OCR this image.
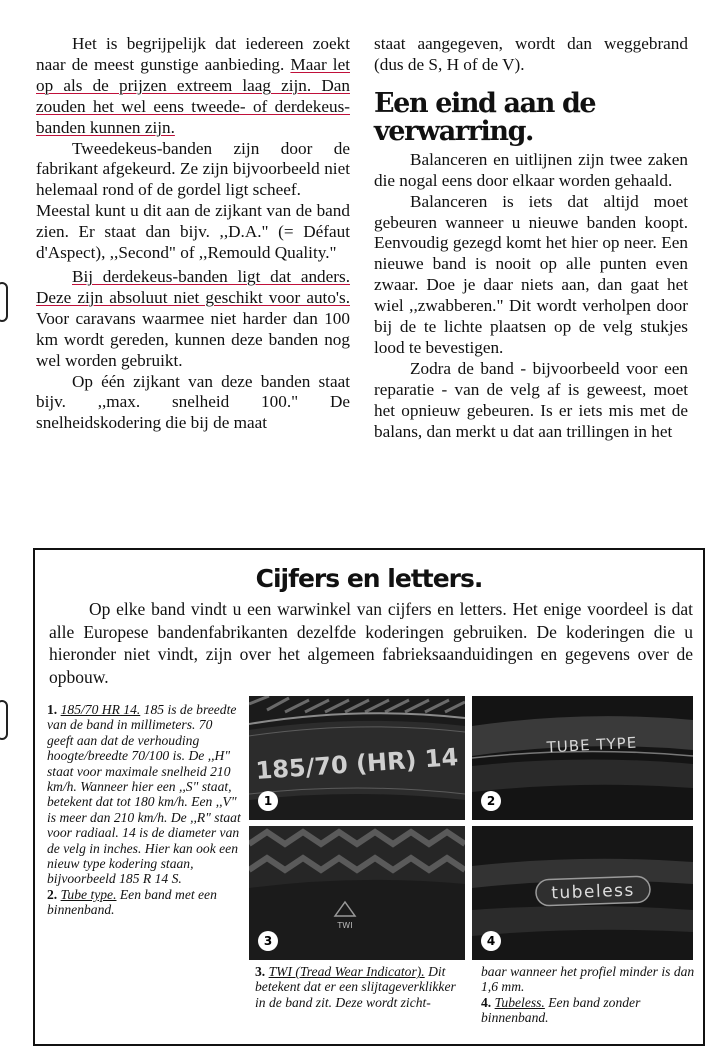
Het is begrijpelijk dat iedereen zoekt naar de meest gunstige aanbieding. Maar let op als de prijzen extreem laag zijn. Dan zouden het wel eens tweede- of derdekeus-banden kunnen zijn.

Tweedekeus-banden zijn door de fabrikant afgekeurd. Ze zijn bijvoorbeeld niet helemaal rond of de gordel ligt scheef.

Meestal kunt u dit aan de zijkant van de band zien. Er staat dan bijv. ,,D.A." (= Défaut d'Aspect), ,,Second" of ,,Remould Quality."

Bij derdekeus-banden ligt dat anders. Deze zijn absoluut niet geschikt voor auto's. Voor caravans waarmee niet harder dan 100 km wordt gereden, kunnen deze banden nog wel worden gebruikt.

Op één zijkant van deze banden staat bijv. ,,max. snelheid 100." De snelheidskodering die bij de maat

staat aangegeven, wordt dan weggebrand (dus de S, H of de V).

Een eind aan de verwarring.

Balanceren en uitlijnen zijn twee zaken die nogal eens door elkaar worden gehaald.

Balanceren is iets dat altijd moet gebeuren wanneer u nieuwe banden koopt. Eenvoudig gezegd komt het hier op neer. Een nieuwe band is nooit op alle punten even zwaar. Doe je daar niets aan, dan gaat het wiel ,,zwabberen." Dit wordt verholpen door bij de te lichte plaatsen op de velg stukjes lood te bevestigen.

Zodra de band - bijvoorbeeld voor een reparatie - van de velg af is geweest, moet het opnieuw gebeuren. Is er iets mis met de balans, dan merkt u dat aan trillingen in het

Cijfers en letters.

Op elke band vindt u een warwinkel van cijfers en letters. Het enige voordeel is dat alle Europese bandenfabrikanten dezelfde koderingen gebruiken. De koderingen die u hieronder niet vindt, zijn over het algemeen fabrieksaanduidingen en gegevens over de opbouw.

1. 185/70 HR 14. 185 is de breedte van de band in millimeters. 70 geeft aan dat de verhouding hoogte/breedte 70/100 is. De ,,H" staat voor maximale snelheid 210 km/h. Wanneer hier een ,,S" staat, betekent dat tot 180 km/h. Een ,,V" is meer dan 210 km/h. De ,,R" staat voor radiaal. 14 is de diameter van de velg in inches. Hier kan ook een nieuw type kodering staan, bijvoorbeeld 185 R 14 S.
2. Tube type. Een band met een binnenband.

185/70 (HR) 14
1
TUBE TYPE
2
TWI
3
tubeless
4

3. TWI (Tread Wear Indicator). Dit betekent dat er een slijtageverklikker in de band zit. Deze wordt zicht-

baar wanneer het profiel minder is dan 1,6 mm.
4. Tubeless. Een band zonder binnenband.
